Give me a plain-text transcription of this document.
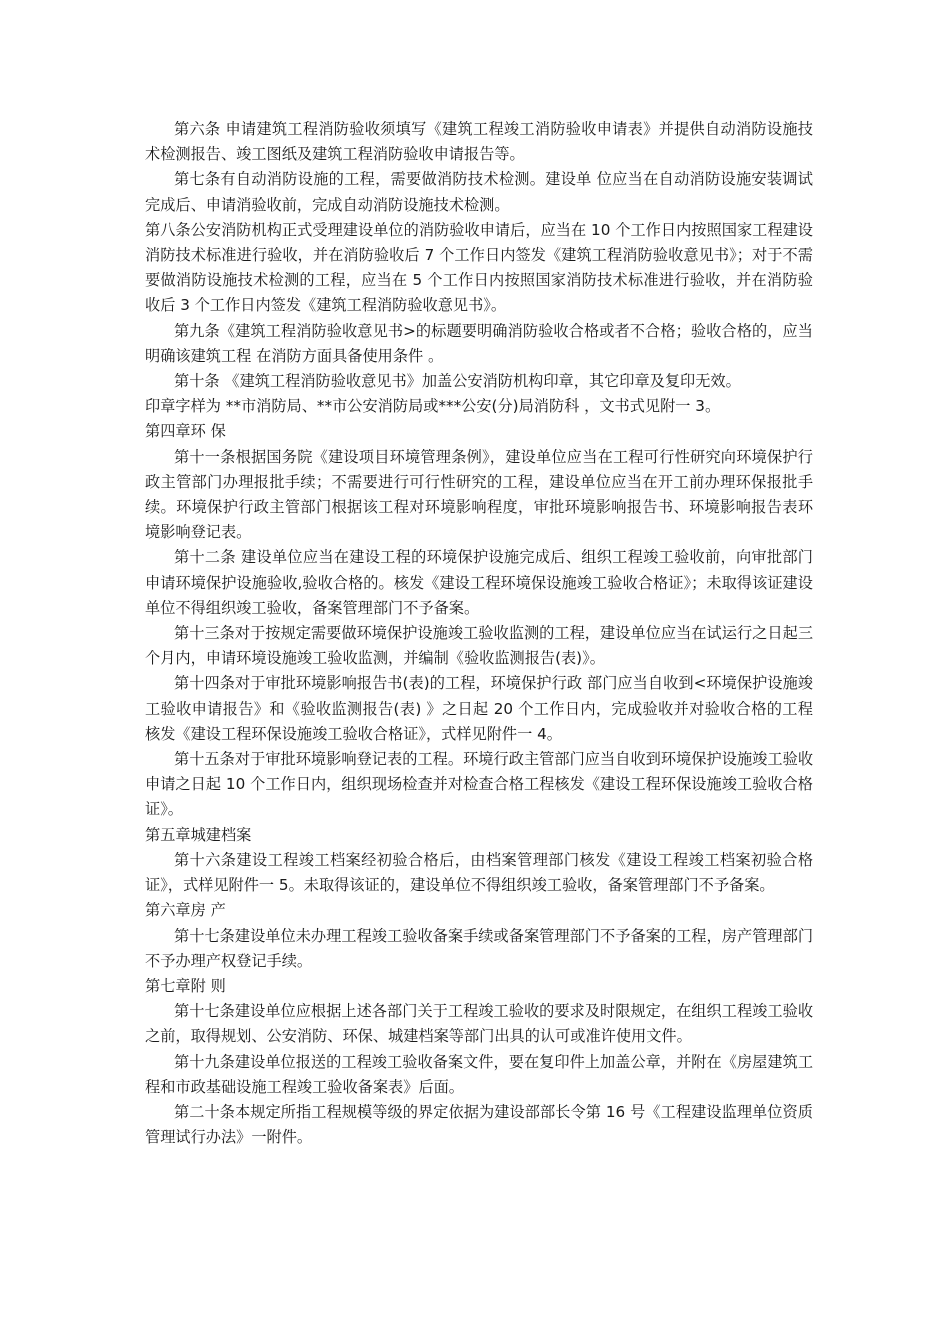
第六条 申请建筑工程消防验收须填写《建筑工程竣工消防验收申请表》并提供自动消防设施技术检测报告、竣工图纸及建筑工程消防验收申请报告等。

第七条有自动消防设施的工程，需要做消防技术检测。建设单 位应当在自动消防设施安装调试完成后、申请消验收前，完成自动消防设施技术检测。

第八条公安消防机构正式受理建设单位的消防验收申请后，应当在 10 个工作日内按照国家工程建设消防技术标准进行验收，并在消防验收后 7 个工作日内签发《建筑工程消防验收意见书》；对于不需要做消防设施技术检测的工程，应当在 5 个工作日内按照国家消防技术标准进行验收，并在消防验收后 3 个工作日内签发《建筑工程消防验收意见书》。

第九条《建筑工程消防验收意见书>的标题要明确消防验收合格或者不合格；验收合格的，应当明确该建筑工程 在消防方面具备使用条件 。

第十条 《建筑工程消防验收意见书》加盖公安消防机构印章，其它印章及复印无效。

印章字样为 **市消防局、**市公安消防局或***公安(分)局消防科 ，文书式见附一 3。

第四章环 保

第十一条根据国务院《建设项目环境管理条例》，建设单位应当在工程可行性研究向环境保护行政主管部门办理报批手续；不需要进行可行性研究的工程，建设单位应当在开工前办理环保报批手续。环境保护行政主管部门根据该工程对环境影响程度，审批环境影响报告书、环境影响报告表环境影响登记表。

第十二条 建设单位应当在建设工程的环境保护设施完成后、组织工程竣工验收前，向审批部门申请环境保护设施验收,验收合格的。核发《建设工程环境保设施竣工验收合格证》；未取得该证建设单位不得组织竣工验收，备案管理部门不予备案。

第十三条对于按规定需要做环境保护设施竣工验收监测的工程，建设单位应当在试运行之日起三个月内，申请环境设施竣工验收监测，并编制《验收监测报告(表)》。

第十四条对于审批环境影响报告书(表)的工程，环境保护行政 部门应当自收到<环境保护设施竣工验收申请报告》和《验收监测报告(表) 》之日起 20 个工作日内，完成验收并对验收合格的工程核发《建设工程环保设施竣工验收合格证》，式样见附件一 4。

第十五条对于审批环境影响登记表的工程。环境行政主管部门应当自收到环境保护设施竣工验收申请之日起 10 个工作日内，组织现场检查并对检查合格工程核发《建设工程环保设施竣工验收合格证》。

第五章城建档案

第十六条建设工程竣工档案经初验合格后，由档案管理部门核发《建设工程竣工档案初验合格证》，式样见附件一 5。未取得该证的，建设单位不得组织竣工验收，备案管理部门不予备案。

第六章房 产

第十七条建设单位未办理工程竣工验收备案手续或备案管理部门不予备案的工程，房产管理部门不予办理产权登记手续。

第七章附 则

第十七条建设单位应根据上述各部门关于工程竣工验收的要求及时限规定，在组织工程竣工验收之前，取得规划、公安消防、环保、城建档案等部门出具的认可或准许使用文件。

第十九条建设单位报送的工程竣工验收备案文件，要在复印件上加盖公章，并附在《房屋建筑工程和市政基础设施工程竣工验收备案表》后面。

第二十条本规定所指工程规模等级的界定依据为建设部部长令第 16 号《工程建设监理单位资质管理试行办法》一附件。
